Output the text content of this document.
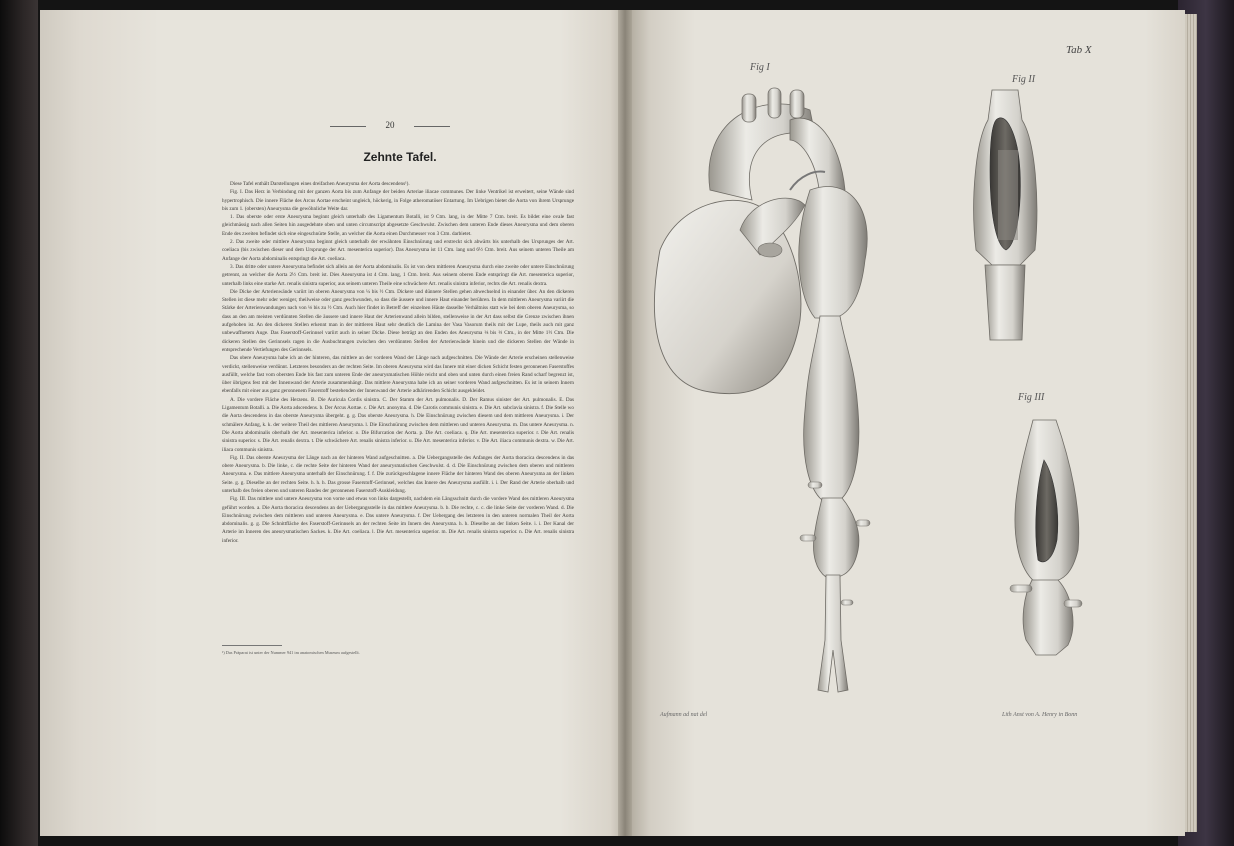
20
Zehnte Tafel.

Diese Tafel enthält Darstellungen eines dreifachen Aneurysma der Aorta descendens¹).

Fig. I. Das Herz in Verbindung mit der ganzen Aorta bis zum Anfange der beiden Arteriae iliacae communes. Der linke Ventrikel ist erweitert, seine Wände sind hypertrophisch. Die innere Fläche des Arcus Aortae erscheint ungleich, höckerig, in Folge atheromatöser Entartung. Im Uebrigen bietet die Aorta von ihrem Ursprunge bis zum 1. (obersten) Aneurysma die gewöhnliche Weite dar.

1. Das oberste oder erste Aneurysma beginnt gleich unterhalb des Ligamentum Botalli, ist 9 Ctm. lang, in der Mitte 7 Ctm. breit. Es bildet eine ovale fast gleichmässig nach allen Seiten hin ausgedehnte oben und unten circumscript abgesetzte Geschwulst. Zwischen dem unteren Ende dieses Aneurysma und dem oberen Ende des zweiten befindet sich eine eingeschnürte Stelle, an welcher die Aorta einen Durchmesser von 3 Ctm. darbietet.

2. Das zweite oder mittlere Aneurysma beginnt gleich unterhalb der erwähnten Einschnürung und erstreckt sich abwärts bis unterhalb des Ursprunges der Art. coeliaca (bis zwischen dieser und dem Ursprunge der Art. mesenterica superior). Das Aneurysma ist 11 Ctm. lang und 6½ Ctm. breit. Aus seinem unteren Theile am Anfange der Aorta abdominalis entspringt die Art. coeliaca.

3. Das dritte oder untere Aneurysma befindet sich allein an der Aorta abdominalis. Es ist von dem mittleren Aneurysma durch eine zweite oder untere Einschnürung getrennt, an welcher die Aorta 2½ Ctm. breit ist. Dies Aneurysma ist 4 Ctm. lang, 1 Ctm. breit. Aus seinem oberen Ende entspringt die Art. mesenterica superior, unterhalb links eine starke Art. renalis sinistra superior, aus seinem unteren Theile eine schwächere Art. renalis sinistra inferior, rechts die Art. renalis dextra.

Die Dicke der Arterienwände variirt im oberen Aneurysma von ¼ bis ½ Ctm. Dickere und dünnere Stellen gehen abwechselnd in einander über. An den dickeren Stellen ist diese mehr oder weniger, theilweise oder ganz geschwunden, so dass die äussere und innere Haut einander berühren. In dem mittleren Aneurysma variirt die Stärke der Arterienwandungen nach von ⅛ bis zu ½ Ctm. Auch hier findet in Betreff der einzelnen Häute dasselbe Verhältniss statt wie bei dem oberen Aneurysma, so dass an den am meisten verdünnten Stellen die äussere und innere Haut der Arterienwand allein bilden, stellenweise in der Art dass selbst die Grenze zwischen ihnen aufgehoben ist. An den dickeren Stellen erkennt man in der mittleren Haut sehr deutlich die Lamina der Vasa Vasorum theils mit der Lupe, theils auch mit ganz unbewaffnetem Auge. Das Faserstoff-Gerinnsel variirt auch in seiner Dicke. Diese beträgt an den Enden des Aneurysma ⅛ bis ⅓ Ctm., in der Mitte 1½ Ctm. Die dickeren Stellen des Gerinnsels ragen in die Ausbuchtungen zwischen den verdünnten Stellen der Arterienwände hinein und die dickeren Stellen der Wände in entsprechende Vertiefungen des Gerinnsels.

Das obere Aneurysma habe ich an der hinteren, das mittlere an der vorderen Wand der Länge nach aufgeschnitten. Die Wände der Arterie erscheinen stellenweise verdickt, stellenweise verdünnt. Letzteres besonders an der rechten Seite. Im oberen Aneurysma wird das Innere mit einer dicken Schicht festen geronnenen Faserstoffes ausfüllt, welche fast vom obersten Ende bis fast zum unteren Ende der aneurysmatischen Höhle reicht und oben und unten durch einen freien Rand scharf begrenzt ist, über übrigens fest mit der Innenwand der Arterie zusammenhängt. Das mittlere Aneurysma habe ich an seiner vorderen Wand aufgeschnitten. Es ist in seinem Innern ebenfalls mit einer aus ganz geronnenem Faserstoff bestehenden der Innenwand der Arterie adhärirenden Schicht ausgekleidet.

A. Die vordere Fläche des Herzens. B. Die Auricula Cordis sinistra. C. Der Stamm der Art. pulmonalis. D. Der Ramus sinister der Art. pulmonalis. E. Das Ligamentum Botalli. a. Die Aorta adscendens. b. Der Arcus Aortae. c. Die Art. anonyma. d. Die Carotis communis sinistra. e. Die Art. subclavia sinistra. f. Die Stelle wo die Aorta descendens in das oberste Aneurysma übergeht. g. g. Das oberste Aneurysma. h. Die Einschnürung zwischen diesem und dem mittleren Aneurysma. i. Der schmälere Anfang, k. k. der weitere Theil des mittleren Aneurysma. l. Die Einschnürung zwischen dem mittleren und unteren Aneurysma. m. Das untere Aneurysma. n. Die Aorta abdominalis oberhalb der Art. mesenterica inferior. o. Die Bifurcation der Aorta. p. Die Art. coeliaca. q. Die Art. mesenterica superior. r. Die Art. renalis sinistra superior. s. Die Art. renalis dextra. t. Die schwächere Art. renalis sinistra inferior. u. Die Art. mesenterica inferior. v. Die Art. iliaca communis dextra. w. Die Art. iliaca communis sinistra.

Fig. II. Das oberste Aneurysma der Länge nach an der hinteren Wand aufgeschnitten. a. Die Uebergangsstelle des Anfanges der Aorta thoracica descendens in das obere Aneurysma. b. Die linke, c. die rechte Seite der hinteren Wand der aneurysmatischen Geschwulst. d. d. Die Einschnürung zwischen dem oberen und mittleren Aneurysma. e. Das mittlere Aneurysma unterhalb der Einschnürung. f. f. Die zurückgeschlagene innere Fläche der hinteren Wand des oberen Aneurysma an der linken Seite. g. g. Dieselbe an der rechten Seite. h. h. h. Das grosse Faserstoff-Gerinnsel, welches das Innere des Aneurysma ausfüllt. i. i. Der Rand der Arterie oberhalb und unterhalb des freien oberen und unteren Randes der geronnenen Faserstoff-Auskleidung.

Fig. III. Das mittlere und untere Aneurysma von vorne und etwas von links dargestellt, nachdem ein Längsschnitt durch die vordere Wand des mittleren Aneurysma geführt worden. a. Die Aorta thoracica descendens an der Uebergangsstelle in das mittlere Aneurysma. b. b. Die rechte, c. c. die linke Seite der vorderen Wand. d. Die Einschnürung zwischen dem mittleren und unteren Aneurysma. e. Das untere Aneurysma. f. Der Uebergang des letzteren in den unteren normalen Theil der Aorta abdominalis. g. g. Die Schnittfläche des Faserstoff-Gerinnsels an der rechten Seite im Innern des Aneurysma. h. h. Dieselbe an der linken Seite. i. i. Der Kanal der Arterie im Inneren des aneurysmatischen Sackes. k. Die Art. coeliaca. l. Die Art. mesenterica superior. m. Die Art. renalis sinistra superior. n. Die Art. renalis sinistra inferior.

¹) Das Präparat ist unter der Nummer 941 im anatomischen Museum aufgestellt.
Tab X
Fig I
Fig II
Fig III
Aufmann ad nat del	Lith Anst von A. Henry in Bonn
